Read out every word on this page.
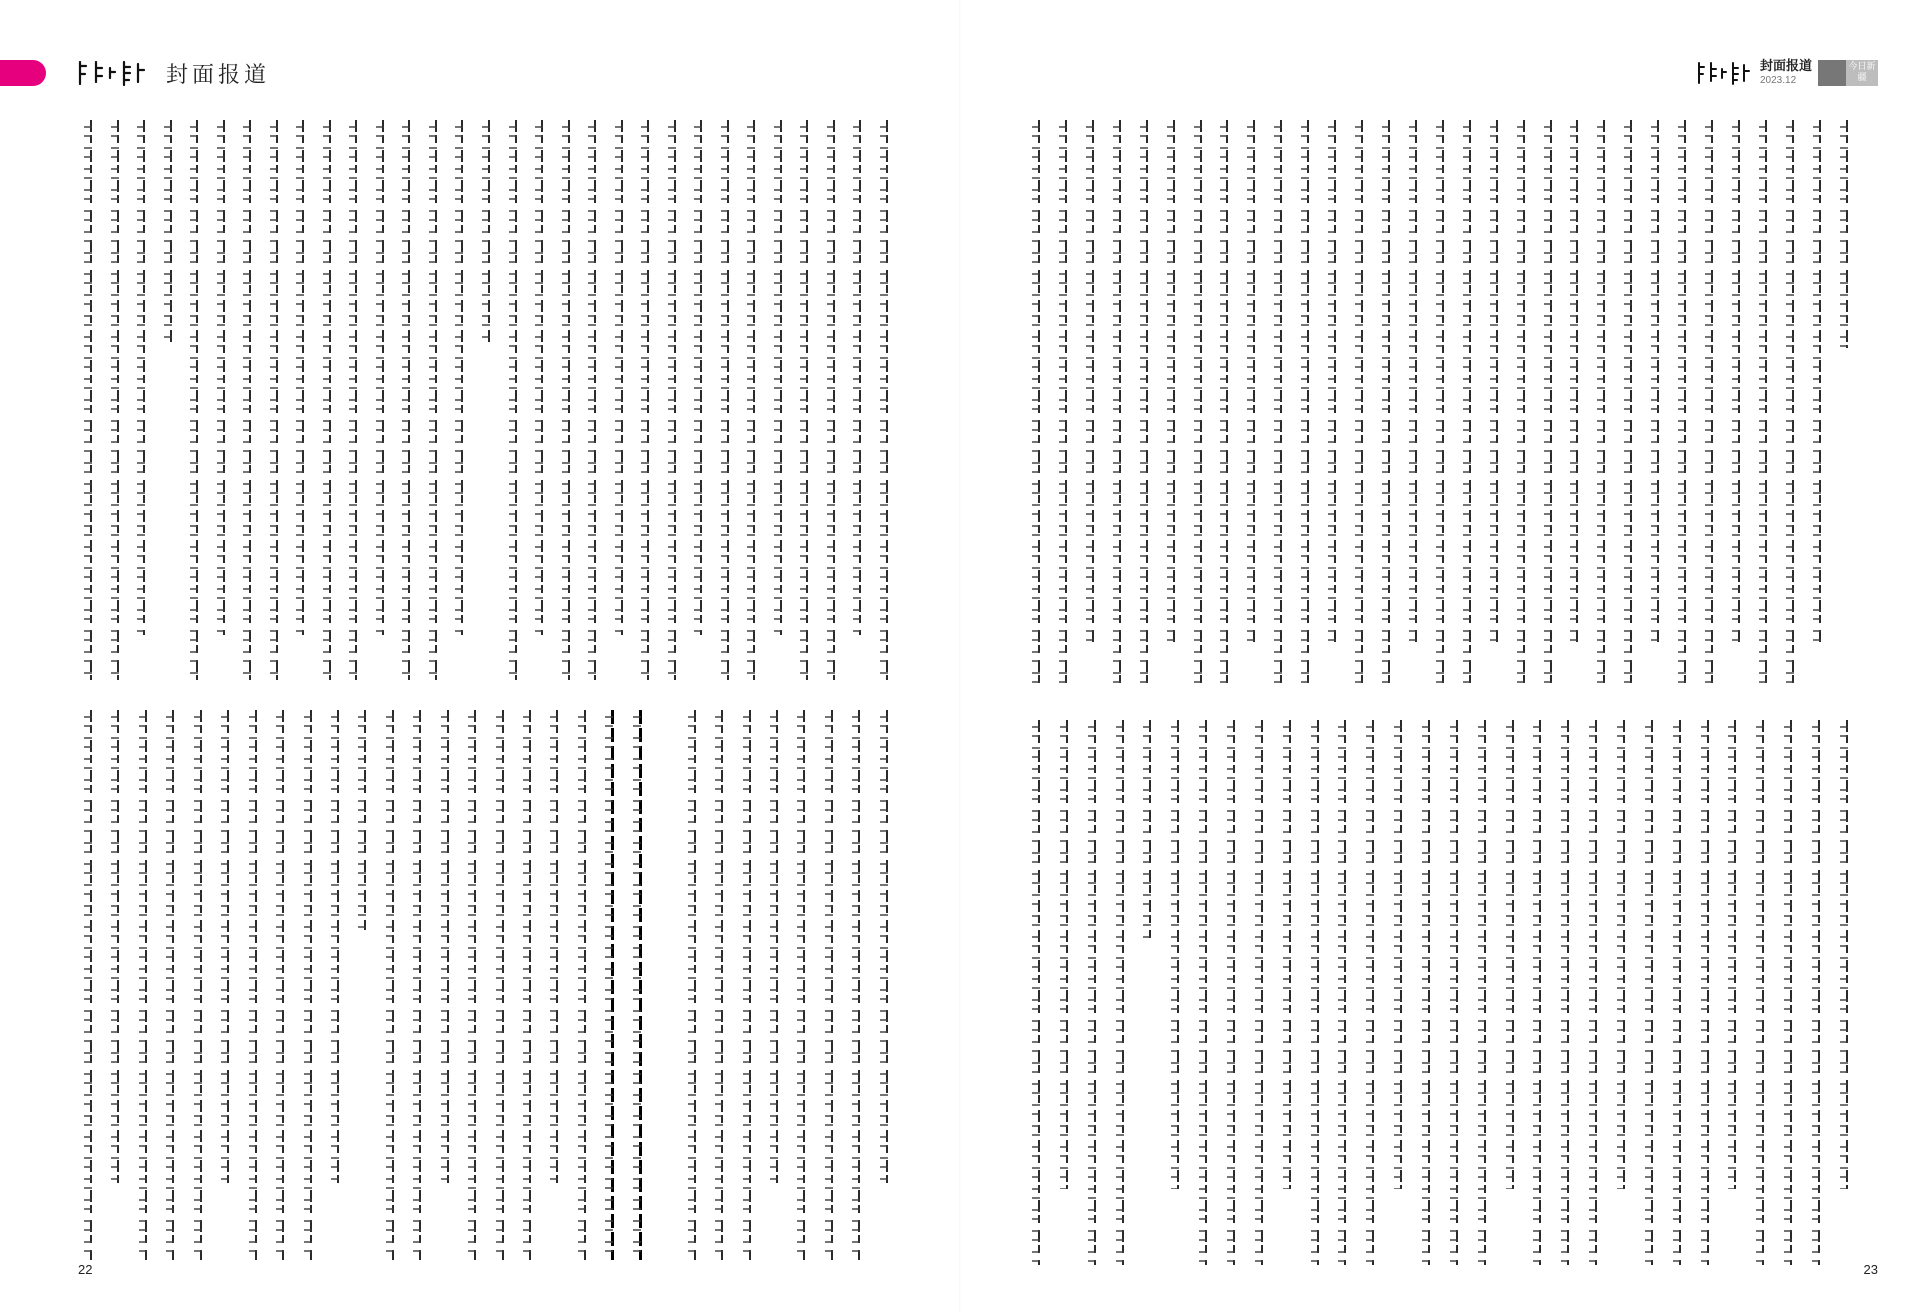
封面报道
22
封面报道
2023.12
今日新疆
23
